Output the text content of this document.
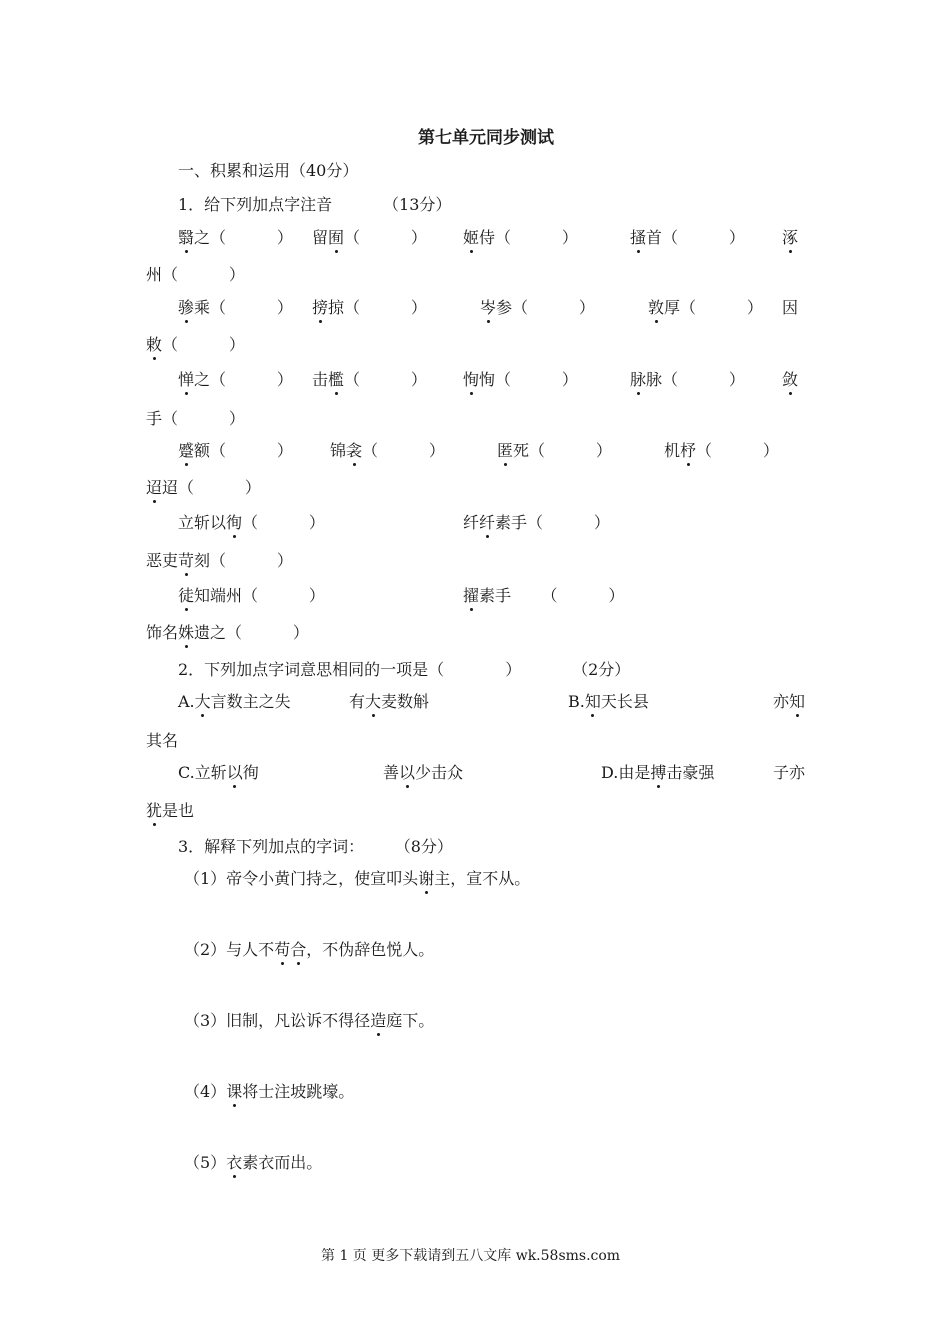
第七单元同步测试
一、积累和运用（40分）
1．给下列加点字注音          （13分）
翳之（          ） 留囿（          ） 姬侍（          ）	搔首（          ） 涿
州（          ）
骖乘（          ） 搒掠（          ）	岑参（          ）	敦厚（          ） 因
敕（          ）
惮之（          ） 击檻（          ） 恂恂（          ）	脉脉（          ） 敛
手（          ）
蹙额（          ） 锦衾（          ）	匿死（          ）	机杼（          ）
迢迢（          ）
立斩以徇（          ）	纤纤素手（          ）
恶吏苛刻（          ）
徒知端州（          ）	擢素手 （          ）
饰名姝遗之（          ）
2．下列加点字词意思相同的一项是（	）          （2分）
A.大言数主之失	有大麦数斛	B.知天长县	亦知
其名
C.立斩以徇	善以少击众	D.由是搏击豪强	子亦
犹是也
3．解释下列加点的字词：      （8分）
（1）帝令小黄门持之，使宣叩头谢主，宣不从。
（2）与人不苟合，不伪辞色悦人。
（3）旧制，凡讼诉不得径造庭下。
（4）课将士注坡跳壕。
（5）衣素衣而出。
第 1 页 更多下载请到五八文库 wk.58sms.com
